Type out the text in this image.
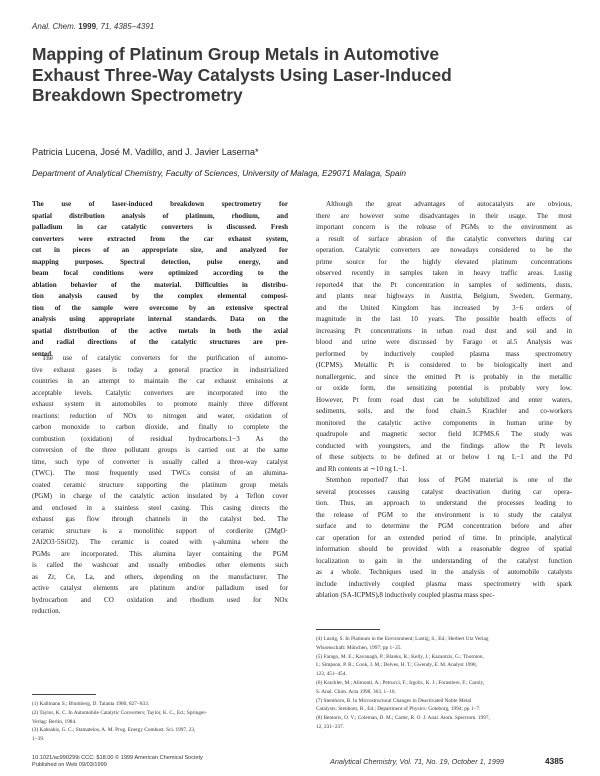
Anal. Chem. 1999, 71, 4385−4391
Mapping of Platinum Group Metals in Automotive
Exhaust Three-Way Catalysts Using Laser-Induced
Breakdown Spectrometry
Patricia Lucena, José M. Vadillo, and J. Javier Laserna*
Department of Analytical Chemistry, Faculty of Sciences, University of Malaga, E29071 Malaga, Spain
The use of laser-induced breakdown spectrometry for
spatial distribution analysis of platinum, rhodium, and
palladium in car catalytic converters is discussed. Fresh
converters were extracted from the car exhaust system,
cut in pieces of an appropriate size, and analyzed for
mapping purposes. Spectral detection, pulse energy, and
beam focal conditions were optimized according to the
ablation behavior of the material. Difficulties in distribu-
tion analysis caused by the complex elemental composi-
tion of the sample were overcome by an extensive spectral
analysis using appropriate internal standards. Data on the
spatial distribution of the active metals in both the axial
and radial directions of the catalytic structures are pre-
sented.
The use of catalytic converters for the purification of automo-
tive exhaust gases is today a general practice in industrialized
countries in an attempt to maintain the car exhaust emissions at
acceptable levels. Catalytic converters are incorporated into the
exhaust system in automobiles to promote mainly three different
reactions: reduction of NOx to nitrogen and water, oxidation of
carbon monoxide to carbon dioxide, and finally to complete the
combustion (oxidation) of residual hydrocarbons.1−3 As the
conversion of the three pollutant groups is carried out at the same
time, such type of converter is usually called a three-way catalyst
(TWC). The most frequently used TWCs consist of an alumina-
coated ceramic structure supporting the platinum group metals
(PGM) in charge of the catalytic action insulated by a Teflon cover
and enclosed in a stainless steel casing. This casing directs the
exhaust gas flow through channels in the catalyst bed. The
ceramic structure is a monolithic support of cordierite (2MgO·
2Al2O3·5SiO2). The ceramic is coated with γ-alumina where the
PGMs are incorporated. This alumina layer containing the PGM
is called the washcoat and usually embodies other elements such
as Zr, Ce, La, and others, depending on the manufacturer. The
active catalyst elements are platinum and/or palladium used for
hydrocarbon and CO oxidation and rhodium used for NOx
reduction.
Although the great advantages of autocatalysts are obvious,
there are however some disadvantages in their usage. The most
important concern is the release of PGMs to the environment as
a result of surface abrasion of the catalytic converters during car
operation. Catalytic converters are nowadays considered to be the
prime source for the highly elevated platinum concentrations
observed recently in samples taken in heavy traffic areas. Lustig
reported4 that the Pt concentration in samples of sediments, dusts,
and plants near highways in Austria, Belgium, Sweden, Germany,
and the United Kingdom has increased by 3−6 orders of
magnitude in the last 10 years. The possible health effects of
increasing Pt concentrations in urban road dust and soil and in
blood and urine were discussed by Farago et al.5 Analysis was
performed by inductively coupled plasma mass spectrometry
(ICPMS). Metallic Pt is considered to be biologically inert and
nonallergenic, and since the emitted Pt is probably in the metallic
or oxide form, the sensitizing potential is probably very low.
However, Pt from road dust can be solubilized and enter waters,
sediments, soils, and the food chain.5 Krachler and co-workers
monitored the catalytic active components in human urine by
quadrupole and magnetic sector field ICPMS.6 The study was
conducted with youngsters, and the findings allow the Pt levels
of these subjects to be defined at or below 1 ng L−1 and the Pd
and Rh contents at ∼10 ng L−1.
Stemhon reported7 that loss of PGM material is one of the
several processes causing catalyst deactivation during car opera-
tion. Thus, an approach to understand the processes leading to
the release of PGM to the environment is to study the catalyst
surface and to determine the PGM concentration before and after
car operation for an extended period of time. In principle, analytical
information should be provided with a reasonable degree of spatial
localization to gain in the understanding of the catalyst function
as a whole. Techniques used in the analysis of automobile catalysts
include inductively coupled plasma mass spectrometry with spark
ablation (SA-ICPMS),8 inductively coupled plasma mass spec-
(1) Kallmann S.; Blumberg, D. Talanta 1980, 827−833.
(2) Taylor, K. C. In Automobile Catalytic Converters; Taylor, K. C., Ed.; Springer-
Verlag: Berlin, 1984.
(3) Kabsakis, G. C.; Stamatelos, A. M. Prog. Energy Combust. Sci. 1997, 23,
1−39.
(4) Lustig, S. In Platinum in the Environment; Lustig, S., Ed.; Herbert Utz Verlag
Wissenschaft: München, 1997; pp 1−25.
(5) Farago, M. E.; Kavanagh, P.; Blanks, R.; Kelly, J.; Kazantzis, G.; Thornton,
I.; Simpson, P. R.; Cook, J. M.; Delves, H. T.; Gwendy, E. M. Analyst 1998,
123, 451−454.
(6) Krachler, M.; Alimonti, A.; Petrucci, F.; Irgolic, K. J.; Forastiere, F.; Caroly,
S. Anal. Chim. Acta 1998, 363, 1−10.
(7) Stemhorn, B. In Microstructural Changes in Deactivated Noble Metal
Catalysts; Stenbom, B., Ed.; Department of Physics: Goteborg, 1994; pp 1−7.
(8) Bentoris, O. V.; Coleman, D. M.; Carter, R. O. J. Anal. Atom. Spectrom. 1997,
12, 231−237.
10.1021/ac990299i CCC: $18.00 © 1999 American Chemical Society
Published on Web 09/03/1999	Analytical Chemistry, Vol. 71, No. 19, October 1, 1999	4385
